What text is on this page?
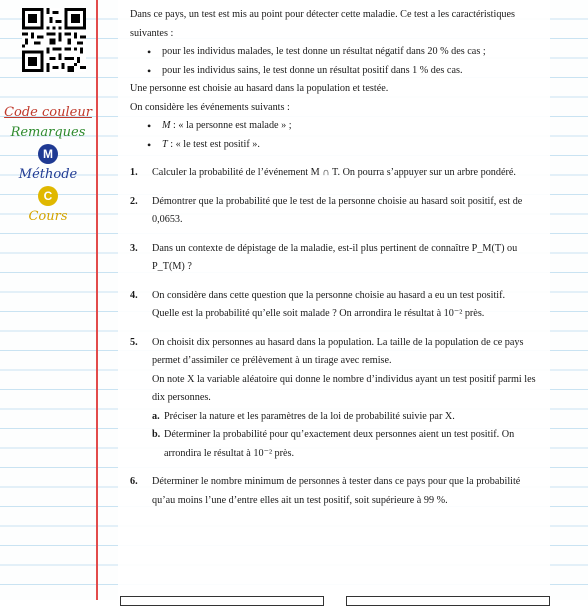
Code couleur
Remarques
M
Méthode
C
Cours

Dans ce pays, un test est mis au point pour détecter cette maladie. Ce test a les caractéristiques suivantes :

• pour les individus malades, le test donne un résultat négatif dans 20 % des cas ;
• pour les individus sains, le test donne un résultat positif dans 1 % des cas.

Une personne est choisie au hasard dans la population et testée.

On considère les événements suivants :

• M : « la personne est malade » ;
• T : « le test est positif ».
1. Calculer la probabilité de l’événement M ∩ T. On pourra s’appuyer sur un arbre pondéré.

2. Démontrer que la probabilité que le test de la personne choisie au hasard soit positif, est de 0,0653.

3. Dans un contexte de dépistage de la maladie, est-il plus pertinent de connaître P_M(T) ou P_T(M) ?

4. On considère dans cette question que la personne choisie au hasard a eu un test positif.

Quelle est la probabilité qu’elle soit malade ? On arrondira le résultat à 10⁻² près.

5. On choisit dix personnes au hasard dans la population. La taille de la population de ce pays permet d’assimiler ce prélèvement à un tirage avec remise.

On note X la variable aléatoire qui donne le nombre d’individus ayant un test positif parmi les dix personnes.

a. Préciser la nature et les paramètres de la loi de probabilité suivie par X.

b. Déterminer la probabilité pour qu’exactement deux personnes aient un test positif. On arrondira le résultat à 10⁻² près.

6. Déterminer le nombre minimum de personnes à tester dans ce pays pour que la probabilité qu’au moins l’une d’entre elles ait un test positif, soit supérieure à 99 %.
